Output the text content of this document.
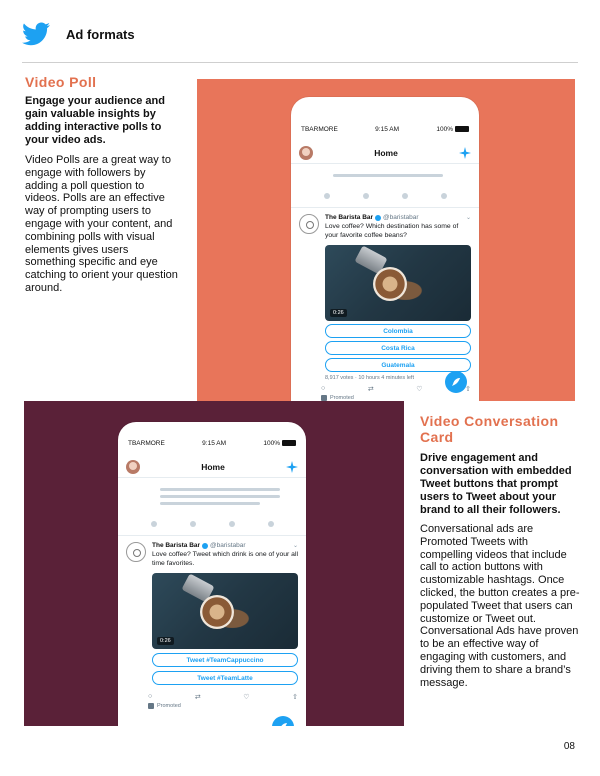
Ad formats
Video Poll
Engage your audience and gain valuable insights by adding interactive polls to your video ads.
Video Polls are a great way to engage with followers by adding a poll question to videos. Polls are an effective way of prompting users to engage with your content, and combining polls with visual elements gives users something specific and eye catching to orient your question around.
TBARMORE	9:15 AM	100%
Home
The Barista Bar @baristabar	⌄
Love coffee? Which destination has some of your favorite coffee beans?
0:26
Colombia
Costa Rica
Guatemala
8,917 votes · 10 hours 4 minutes left
○	⇄	♡	⇧
Promoted
TBARMORE	9:15 AM	100%
Home
The Barista Bar @baristabar	⌄
Love coffee? Tweet which drink is one of your all time favorites.
0:26
Tweet #TeamCappuccino
Tweet #TeamLatte
○	⇄	♡	⇧
Promoted
Video Conversation Card
Drive engagement and conversation with embedded Tweet buttons that prompt users to Tweet about your brand to all their followers.
Conversational ads are Promoted Tweets with compelling videos that include call to action buttons with customizable hashtags. Once clicked, the button creates a pre-populated Tweet that users can customize or Tweet out. Conversational Ads have proven to be an effective way of engaging with customers, and driving them to share a brand’s message.
08
